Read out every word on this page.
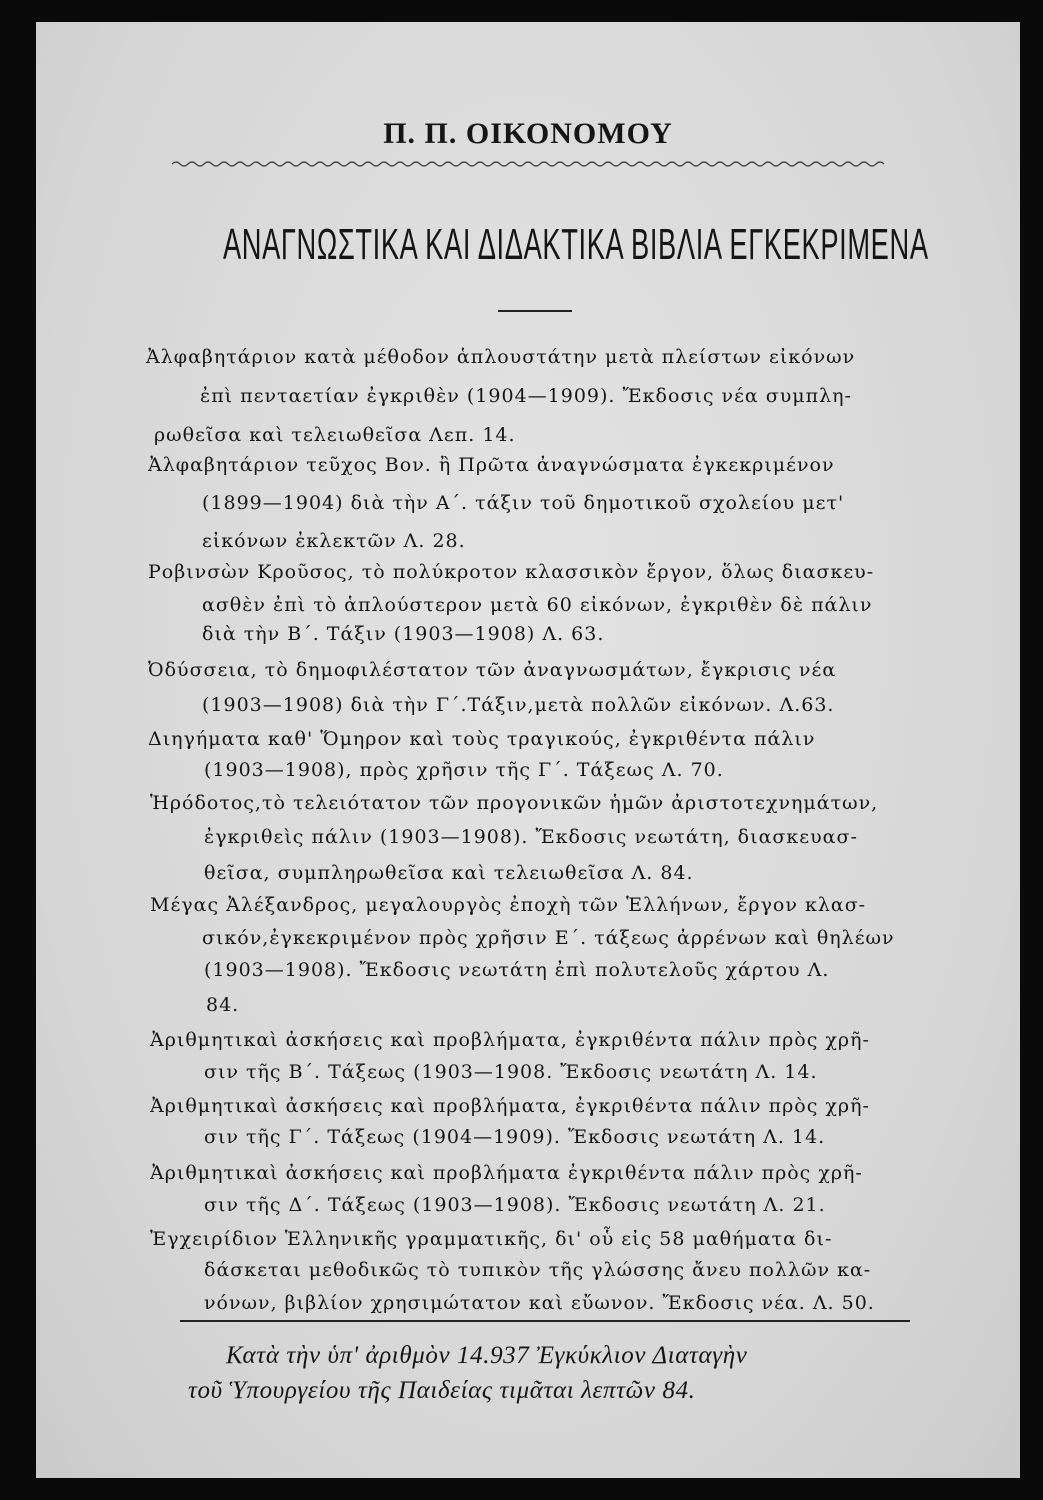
Π. Π. ΟΙΚΟΝΟΜΟΥ
ΑΝΑΓΝΩΣΤΙΚΑ ΚΑΙ ΔΙΔΑΚΤΙΚΑ ΒΙΒΛΙΑ ΕΓΚΕΚΡΙΜΕΝΑ
Ἀλφαβητάριον κατὰ μέθοδον ἁπλουστάτην μετὰ πλείστων εἰκόνων
ἐπὶ πενταετίαν ἐγκριθὲν (1904—1909). Ἔκδοσις νέα συμπλη-
ρωθεῖσα καὶ τελειωθεῖσα Λεπ. 14.
Ἀλφαβητάριον τεῦχος Βον. ἢ Πρῶτα ἀναγνώσματα ἐγκεκριμένον
(1899—1904) διὰ τὴν Α΄. τάξιν τοῦ δημοτικοῦ σχολείου μετ'
εἰκόνων ἐκλεκτῶν Λ. 28.
Ροβινσὼν Κροῦσος, τὸ πολύκροτον κλασσικὸν ἔργον, ὅλως διασκευ-
ασθὲν ἐπὶ τὸ ἁπλούστερον μετὰ 60 εἰκόνων, ἐγκριθὲν δὲ πάλιν
διὰ τὴν Β΄. Τάξιν (1903—1908) Λ. 63.
Ὀδύσσεια, τὸ δημοφιλέστατον τῶν ἀναγνωσμάτων, ἔγκρισις νέα
(1903—1908) διὰ τὴν Γ΄.Τάξιν,μετὰ πολλῶν εἰκόνων. Λ.63.
Διηγήματα καθ' Ὅμηρον καὶ τοὺς τραγικούς, ἐγκριθέντα πάλιν
(1903—1908), πρὸς χρῆσιν τῆς Γ΄. Τάξεως Λ. 70.
Ἡρόδοτος,τὸ τελειότατον τῶν προγονικῶν ἡμῶν ἀριστοτεχνημάτων,
ἐγκριθεὶς πάλιν (1903—1908). Ἔκδοσις νεωτάτη, διασκευασ-
θεῖσα, συμπληρωθεῖσα καὶ τελειωθεῖσα Λ. 84.
Μέγας Ἀλέξανδρος, μεγαλουργὸς ἐποχὴ τῶν Ἑλλήνων, ἔργον κλασ-
σικόν,ἐγκεκριμένον πρὸς χρῆσιν Ε΄. τάξεως ἀρρένων καὶ θηλέων
(1903—1908). Ἔκδοσις νεωτάτη ἐπὶ πολυτελοῦς χάρτου Λ.
84.
Ἀριθμητικαὶ ἀσκήσεις καὶ προβλήματα, ἐγκριθέντα πάλιν πρὸς χρῆ-
σιν τῆς Β΄. Τάξεως (1903—1908. Ἔκδοσις νεωτάτη Λ. 14.
Ἀριθμητικαὶ ἀσκήσεις καὶ προβλήματα, ἐγκριθέντα πάλιν πρὸς χρῆ-
σιν τῆς Γ΄. Τάξεως (1904—1909). Ἔκδοσις νεωτάτη Λ. 14.
Ἀριθμητικαὶ ἀσκήσεις καὶ προβλήματα ἐγκριθέντα πάλιν πρὸς χρῆ-
σιν τῆς Δ΄. Τάξεως (1903—1908). Ἔκδοσις νεωτάτη Λ. 21.
Ἐγχειρίδιον Ἑλληνικῆς γραμματικῆς, δι' οὗ εἰς 58 μαθήματα δι-
δάσκεται μεθοδικῶς τὸ τυπικὸν τῆς γλώσσης ἄνευ πολλῶν κα-
νόνων, βιβλίον χρησιμώτατον καὶ εὔωνον. Ἔκδοσις νέα. Λ. 50.
Κατὰ τὴν ὑπ' ἀριθμὸν 14.937 Ἐγκύκλιον Διαταγὴν
τοῦ Ὑπουργείου τῆς Παιδείας τιμᾶται λεπτῶν 84.
